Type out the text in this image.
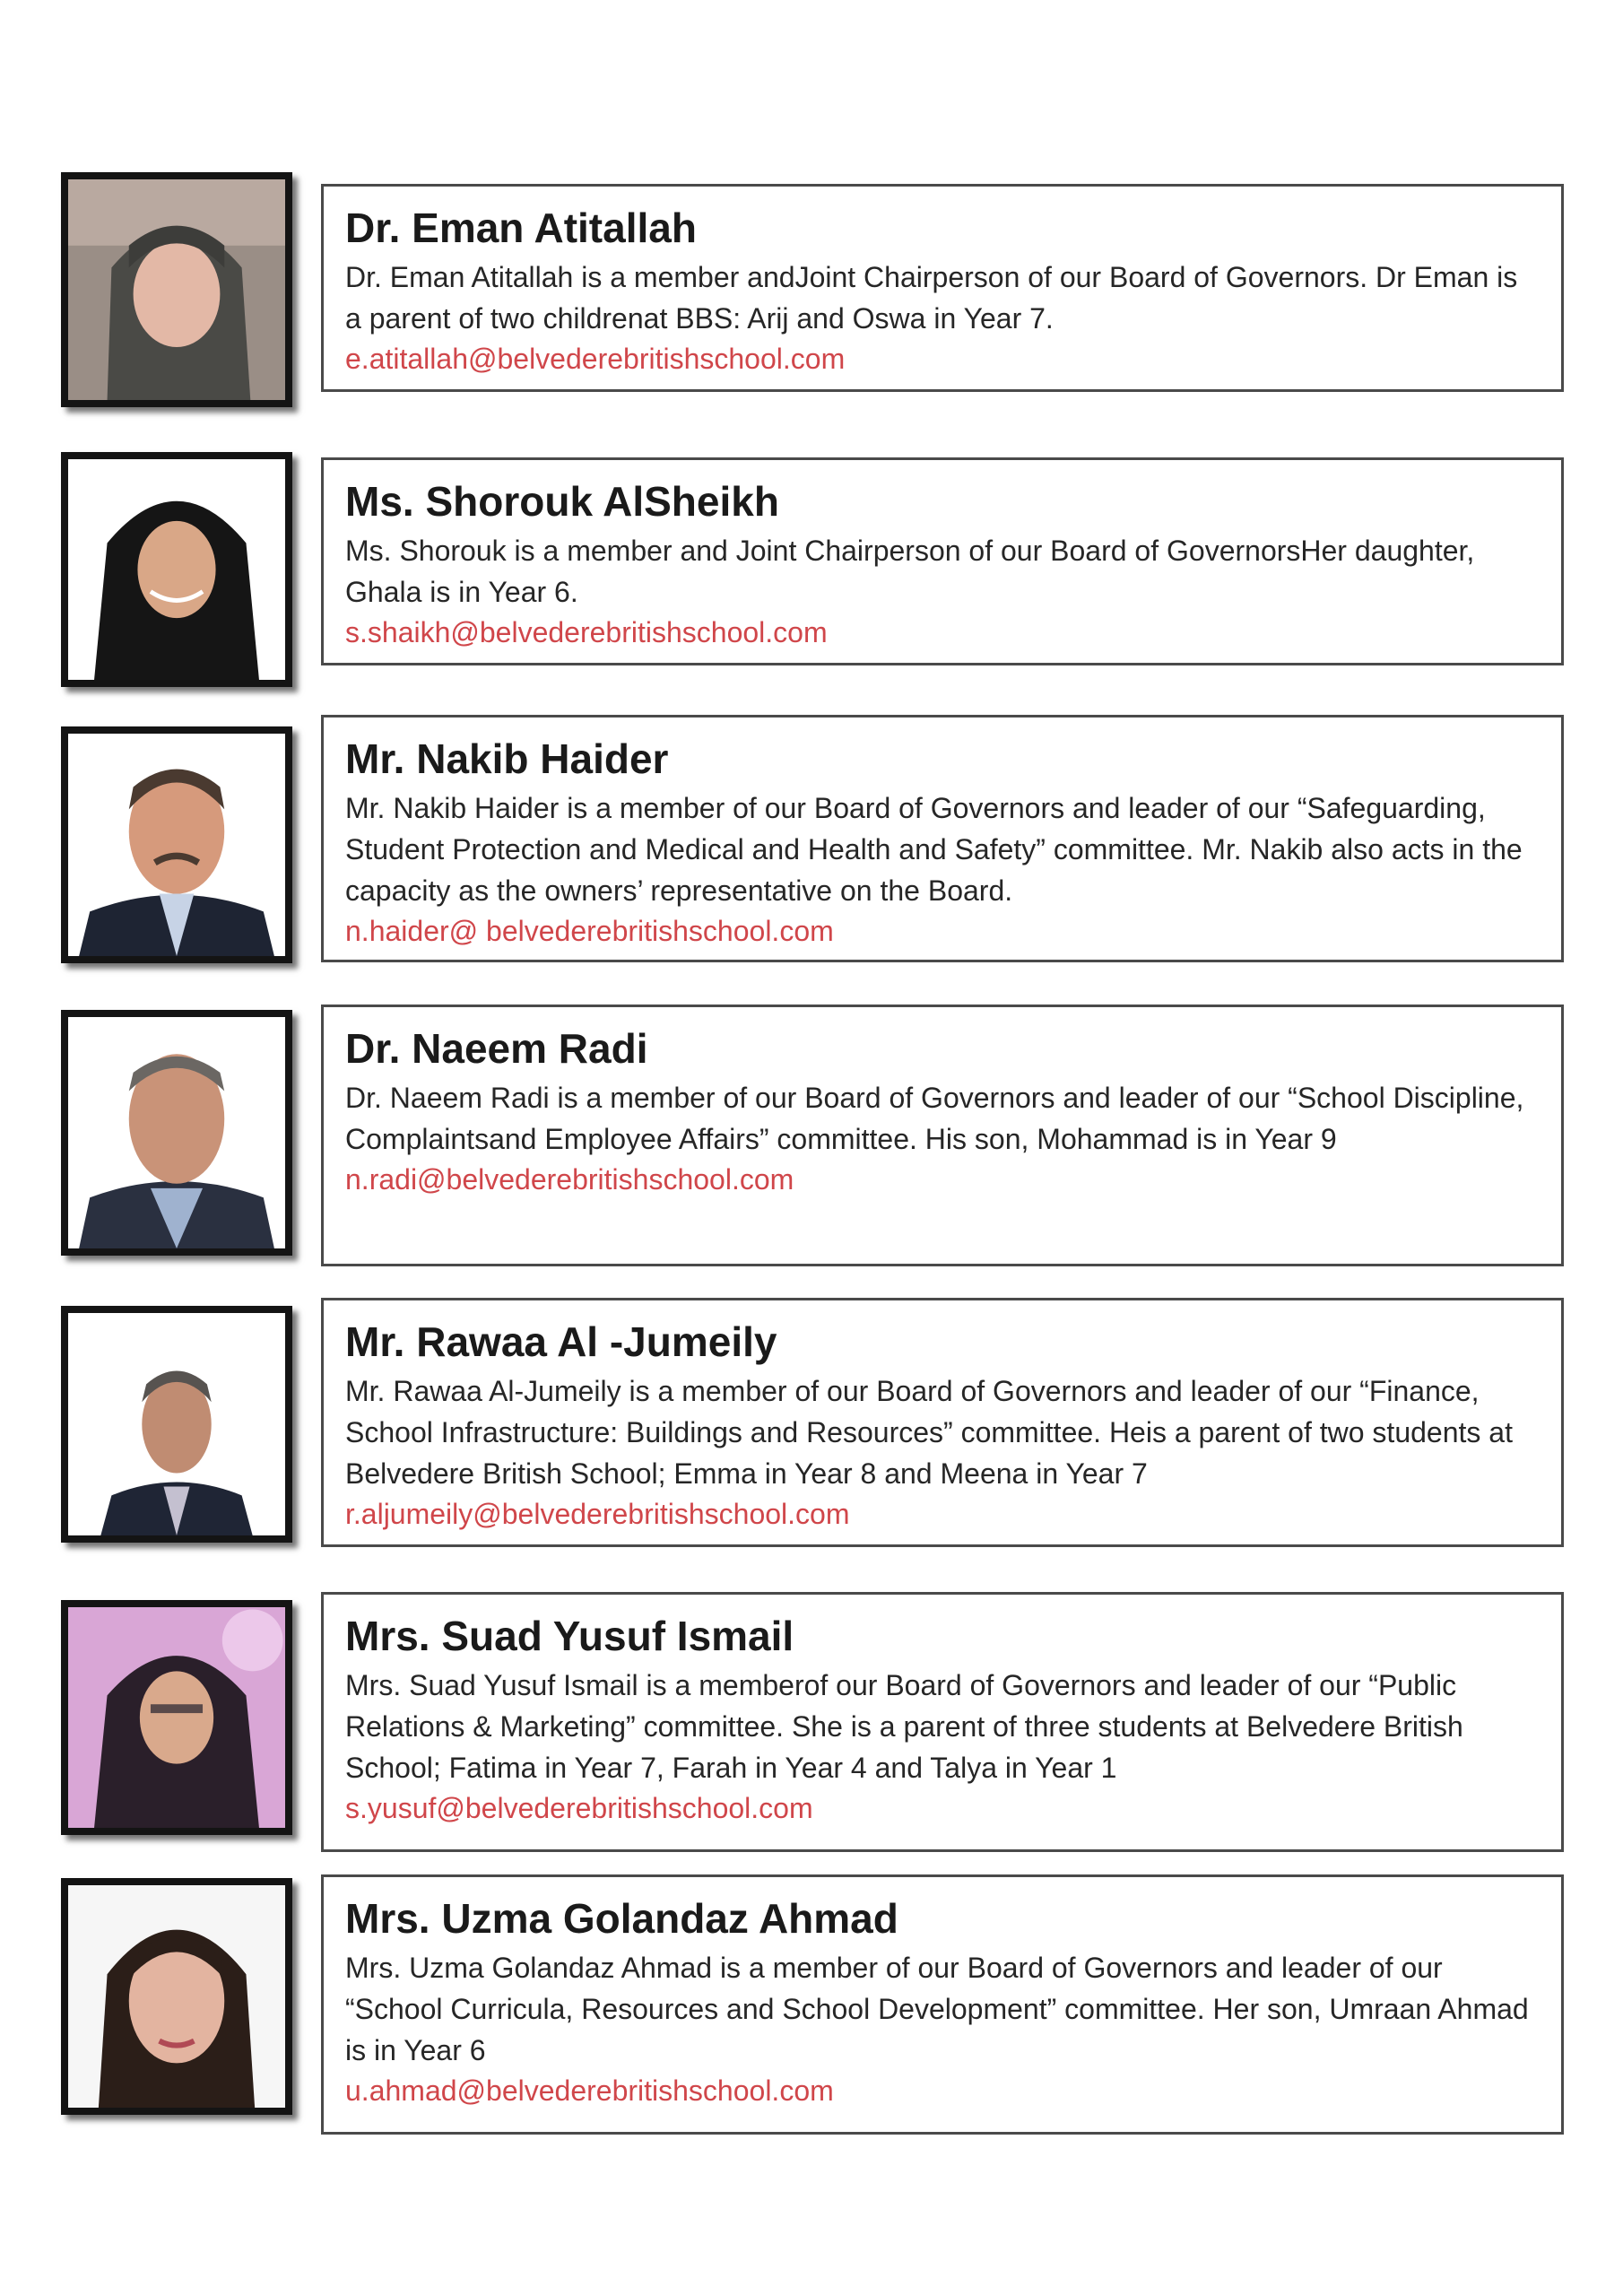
Dr. Eman Atitallah

Dr. Eman Atitallah is a member andJoint Chairperson of our Board of Governors. Dr Eman is a parent of two childrenat BBS: Arij and Oswa in Year 7.

e.atitallah@belvederebritishschool.com

Ms. Shorouk AlSheikh

Ms. Shorouk is a member and Joint Chairperson of our Board of GovernorsHer daughter, Ghala is in Year 6.

s.shaikh@belvederebritishschool.com

Mr. Nakib Haider

Mr. Nakib Haider is a member of our Board of Governors and leader of our “Safeguarding, Student Protection and Medical and Health and Safety” committee. Mr. Nakib also acts in the capacity as the owners’ representative on the Board.

n.haider@ belvederebritishschool.com

Dr. Naeem Radi

Dr. Naeem Radi is a member of our Board of Governors and leader of our “School Discipline, Complaintsand Employee Affairs” committee. His son, Mohammad is in Year 9

n.radi@belvederebritishschool.com

Mr. Rawaa Al -Jumeily

Mr. Rawaa Al-Jumeily is a member of our Board of Governors and leader of our “Finance, School Infrastructure: Buildings and Resources” committee. Heis a parent of two students at Belvedere British School; Emma in Year 8 and Meena in Year 7

r.aljumeily@belvederebritishschool.com

Mrs. Suad Yusuf Ismail

Mrs. Suad Yusuf Ismail is a memberof our Board of Governors and leader of our “Public Relations & Marketing” committee. She is a parent of three students at Belvedere British School; Fatima in Year 7, Farah in Year 4 and Talya in Year 1

s.yusuf@belvederebritishschool.com

Mrs. Uzma Golandaz Ahmad

Mrs. Uzma Golandaz Ahmad is a member of our Board of Governors and leader of our “School Curricula, Resources and School Development” committee. Her son, Umraan Ahmad is in Year 6

u.ahmad@belvederebritishschool.com
